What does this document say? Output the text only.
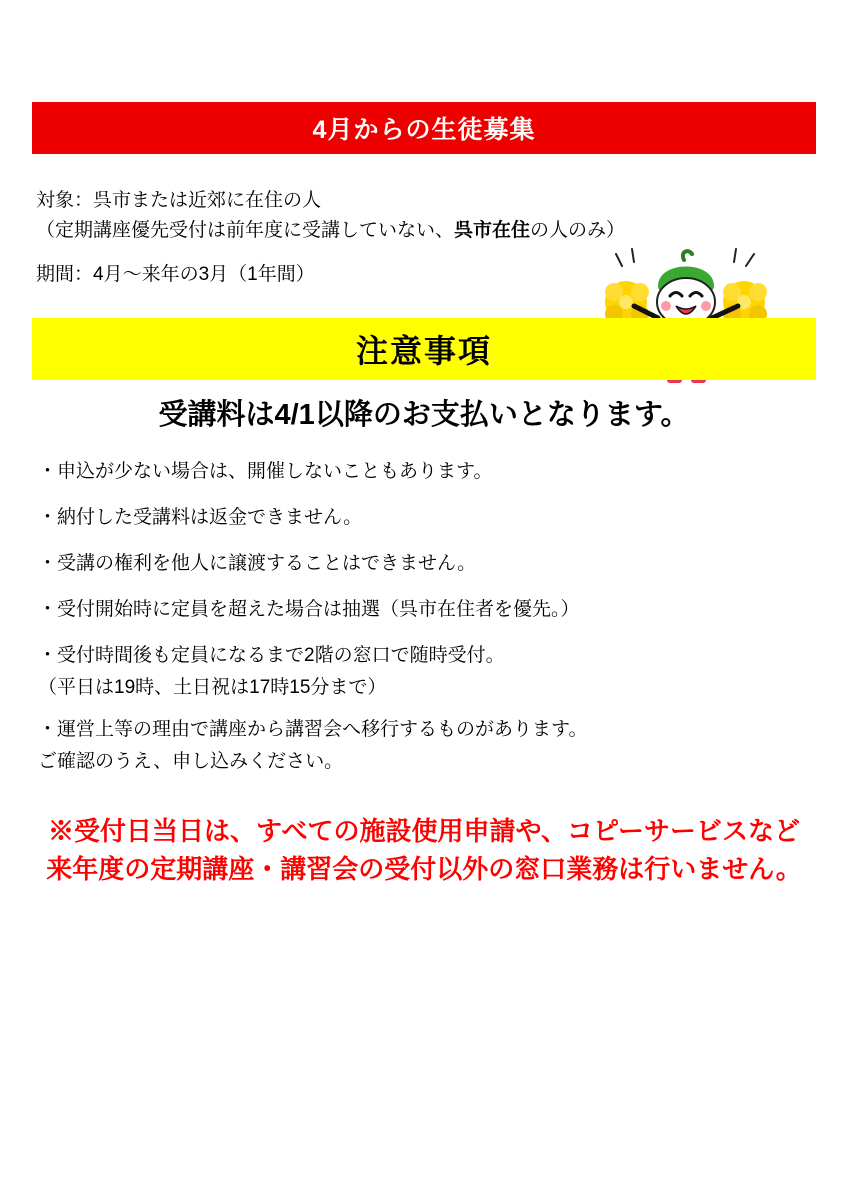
4月からの生徒募集
対象：呉市または近郊に在住の人
（定期講座優先受付は前年度に受講していない、呉市在住の人のみ）
期間：4月～来年の3月（1年間）
注意事項
受講料は4/1以降のお支払いとなります。
・申込が少ない場合は、開催しないこともあります。
・納付した受講料は返金できません。
・受講の権利を他人に譲渡することはできません。
・受付開始時に定員を超えた場合は抽選（呉市在住者を優先。）
・受付時間後も定員になるまで2階の窓口で随時受付。
（平日は19時、土日祝は17時15分まで）
・運営上等の理由で講座から講習会へ移行するものがあります。
ご確認のうえ、申し込みください。
※受付日当日は、すべての施設使用申請や、コピーサービスなど来年度の定期講座・講習会の受付以外の窓口業務は行いません。
